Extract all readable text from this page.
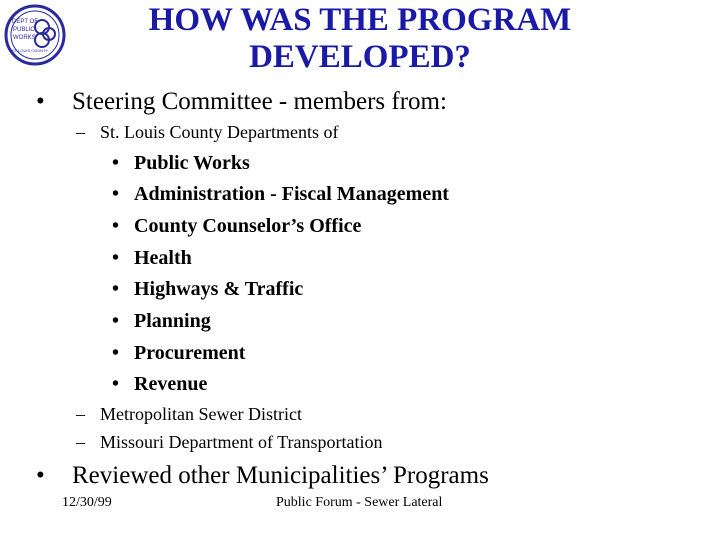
DEPT OF
PUBLIC
WORKS
ST LOUIS COUNTY
HOW WAS THE PROGRAM
DEVELOPED?
• Steering Committee - members from:
– St. Louis County Departments of
• Public Works
• Administration - Fiscal Management
• County Counselor’s Office
• Health
• Highways & Traffic
• Planning
• Procurement
• Revenue
– Metropolitan Sewer District
– Missouri Department of Transportation
• Reviewed other Municipalities’ Programs
12/30/99	Public Forum - Sewer Lateral
